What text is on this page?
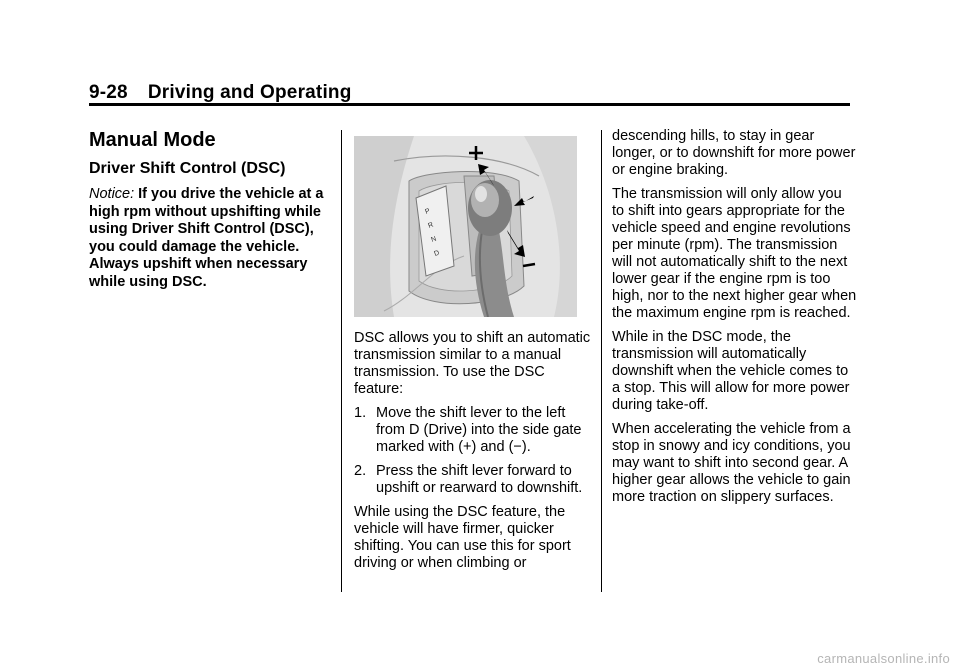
9-28 Driving and Operating
Manual Mode
Driver Shift Control (DSC)
Notice: If you drive the vehicle at a high rpm without upshifting while using Driver Shift Control (DSC), you could damage the vehicle. Always upshift when necessary while using DSC.
P
R
N
D

DSC allows you to shift an automatic transmission similar to a manual transmission. To use the DSC feature:

1. Move the shift lever to the left from D (Drive) into the side gate marked with (+) and (−).
2. Press the shift lever forward to upshift or rearward to downshift.

While using the DSC feature, the vehicle will have firmer, quicker shifting. You can use this for sport driving or when climbing or

descending hills, to stay in gear longer, or to downshift for more power or engine braking.

The transmission will only allow you to shift into gears appropriate for the vehicle speed and engine revolutions per minute (rpm). The transmission will not automatically shift to the next lower gear if the engine rpm is too high, nor to the next higher gear when the maximum engine rpm is reached.

While in the DSC mode, the transmission will automatically downshift when the vehicle comes to a stop. This will allow for more power during take-off.

When accelerating the vehicle from a stop in snowy and icy conditions, you may want to shift into second gear. A higher gear allows the vehicle to gain more traction on slippery surfaces.

carmanualsonline.info
